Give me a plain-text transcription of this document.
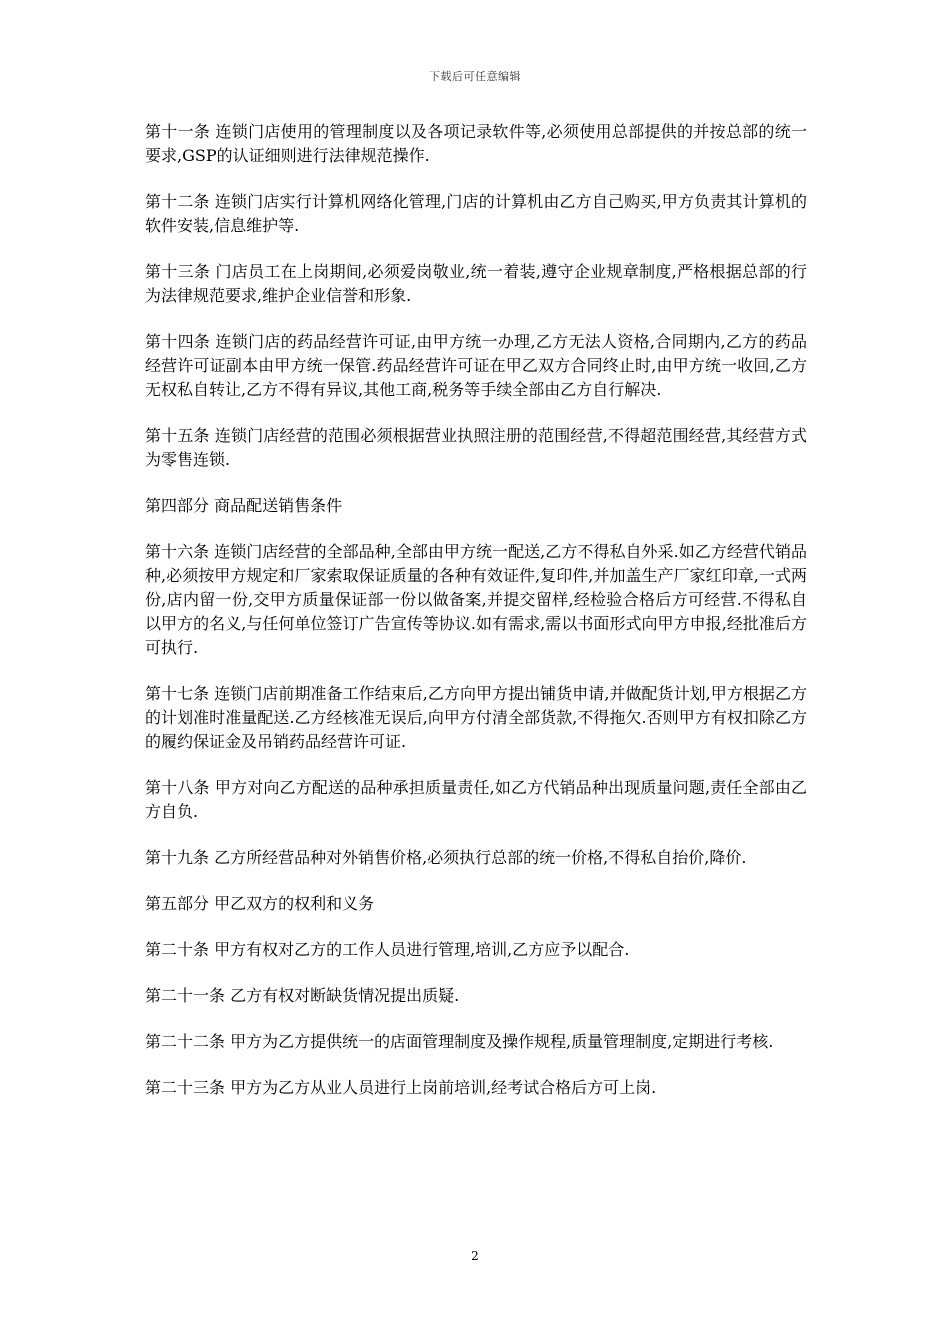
下载后可任意编辑

第十一条 连锁门店使用的管理制度以及各项记录软件等,必须使用总部提供的并按总部的统一要求,GSP的认证细则进行法律规范操作.

第十二条 连锁门店实行计算机网络化管理,门店的计算机由乙方自己购买,甲方负责其计算机的软件安装,信息维护等.

第十三条 门店员工在上岗期间,必须爱岗敬业,统一着装,遵守企业规章制度,严格根据总部的行为法律规范要求,维护企业信誉和形象.

第十四条 连锁门店的药品经营许可证,由甲方统一办理,乙方无法人资格,合同期内,乙方的药品经营许可证副本由甲方统一保管.药品经营许可证在甲乙双方合同终止时,由甲方统一收回,乙方无权私自转让,乙方不得有异议,其他工商,税务等手续全部由乙方自行解决.

第十五条 连锁门店经营的范围必须根据营业执照注册的范围经营,不得超范围经营,其经营方式为零售连锁.

第四部分 商品配送销售条件

第十六条 连锁门店经营的全部品种,全部由甲方统一配送,乙方不得私自外采.如乙方经营代销品种,必须按甲方规定和厂家索取保证质量的各种有效证件,复印件,并加盖生产厂家红印章,一式两份,店内留一份,交甲方质量保证部一份以做备案,并提交留样,经检验合格后方可经营.不得私自以甲方的名义,与任何单位签订广告宣传等协议.如有需求,需以书面形式向甲方申报,经批准后方可执行.

第十七条 连锁门店前期准备工作结束后,乙方向甲方提出铺货申请,并做配货计划,甲方根据乙方的计划准时准量配送.乙方经核准无误后,向甲方付清全部货款,不得拖欠.否则甲方有权扣除乙方的履约保证金及吊销药品经营许可证.

第十八条 甲方对向乙方配送的品种承担质量责任,如乙方代销品种出现质量问题,责任全部由乙方自负.

第十九条 乙方所经营品种对外销售价格,必须执行总部的统一价格,不得私自抬价,降价.

第五部分 甲乙双方的权利和义务

第二十条 甲方有权对乙方的工作人员进行管理,培训,乙方应予以配合.

第二十一条 乙方有权对断缺货情况提出质疑.

第二十二条 甲方为乙方提供统一的店面管理制度及操作规程,质量管理制度,定期进行考核.

第二十三条 甲方为乙方从业人员进行上岗前培训,经考试合格后方可上岗.

2
